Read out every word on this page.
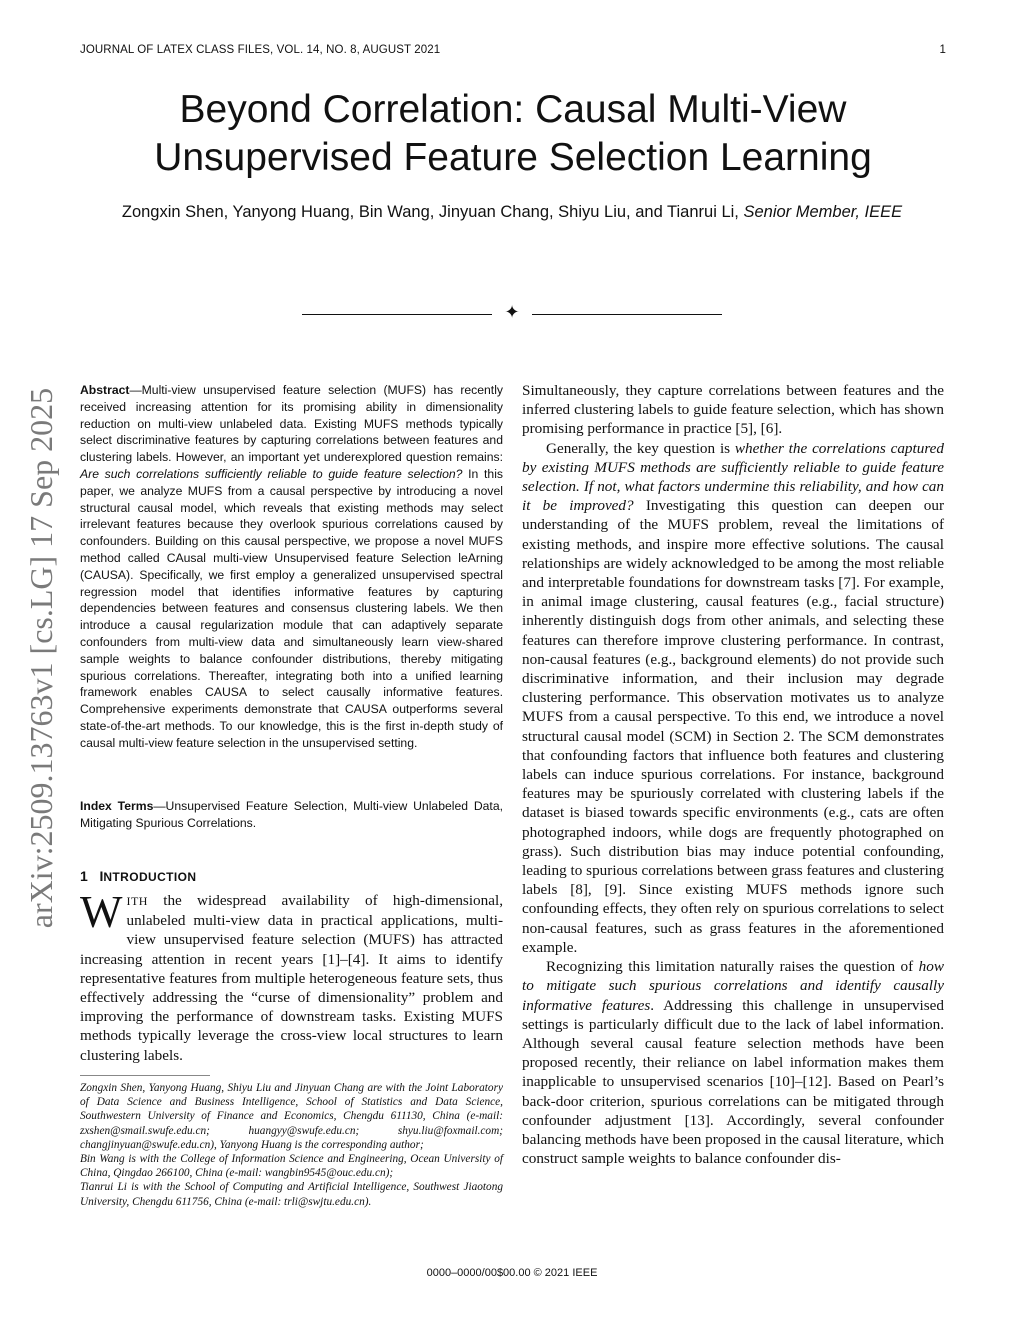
JOURNAL OF LATEX CLASS FILES, VOL. 14, NO. 8, AUGUST 2021	1
Beyond Correlation: Causal Multi-View Unsupervised Feature Selection Learning
Zongxin Shen, Yanyong Huang, Bin Wang, Jinyuan Chang, Shiyu Liu, and Tianrui Li, Senior Member, IEEE
✦
arXiv:2509.13763v1 [cs.LG] 17 Sep 2025	Abstract—Multi-view unsupervised feature selection (MUFS) has recently received increasing attention for its promising ability in dimensionality reduction on multi-view unlabeled data. Existing MUFS methods typically select discriminative features by capturing correlations between features and clustering labels. However, an important yet underexplored question remains: Are such correlations sufficiently reliable to guide feature selection? In this paper, we analyze MUFS from a causal perspective by introducing a novel structural causal model, which reveals that existing methods may select irrelevant features because they overlook spurious correlations caused by confounders. Building on this causal perspective, we propose a novel MUFS method called CAusal multi-view Unsupervised feature Selection leArning (CAUSA). Specifically, we first employ a generalized unsupervised spectral regression model that identifies informative features by capturing dependencies between features and consensus clustering labels. We then introduce a causal regularization module that can adaptively separate confounders from multi-view data and simultaneously learn view-shared sample weights to balance confounder distributions, thereby mitigating spurious correlations. Thereafter, integrating both into a unified learning framework enables CAUSA to select causally informative features. Comprehensive experiments demonstrate that CAUSA outperforms several state-of-the-art methods. To our knowledge, this is the first in-depth study of causal multi-view feature selection in the unsupervised setting.
Index Terms—Unsupervised Feature Selection, Multi-view Unlabeled Data, Mitigating Spurious Correlations.
1 INTRODUCTION
WITH the widespread availability of high-dimensional, unlabeled multi-view data in practical applications, multi-view unsupervised feature selection (MUFS) has attracted increasing attention in recent years [1]–[4]. It aims to identify representative features from multiple heterogeneous feature sets, thus effectively addressing the “curse of dimensionality” problem and improving the performance of downstream tasks. Existing MUFS methods typically leverage the cross-view local structures to learn clustering labels.

Zongxin Shen, Yanyong Huang, Shiyu Liu and Jinyuan Chang are with the Joint Laboratory of Data Science and Business Intelligence, School of Statistics and Data Science, Southwestern University of Finance and Economics, Chengdu 611130, China (e-mail: zxshen@smail.swufe.edu.cn; huangyy@swufe.edu.cn; shyu.liu@foxmail.com; changjinyuan@swufe.edu.cn), Yanyong Huang is the corresponding author;

Bin Wang is with the College of Information Science and Engineering, Ocean University of China, Qingdao 266100, China (e-mail: wangbin9545@ouc.edu.cn);

Tianrui Li is with the School of Computing and Artificial Intelligence, Southwest Jiaotong University, Chengdu 611756, China (e-mail: trli@swjtu.edu.cn).

Simultaneously, they capture correlations between features and the inferred clustering labels to guide feature selection, which has shown promising performance in practice [5], [6].

Generally, the key question is whether the correlations captured by existing MUFS methods are sufficiently reliable to guide feature selection. If not, what factors undermine this reliability, and how can it be improved? Investigating this question can deepen our understanding of the MUFS problem, reveal the limitations of existing methods, and inspire more effective solutions. The causal relationships are widely acknowledged to be among the most reliable and interpretable foundations for downstream tasks [7]. For example, in animal image clustering, causal features (e.g., facial structure) inherently distinguish dogs from other animals, and selecting these features can therefore improve clustering performance. In contrast, non-causal features (e.g., background elements) do not provide such discriminative information, and their inclusion may degrade clustering performance. This observation motivates us to analyze MUFS from a causal perspective. To this end, we introduce a novel structural causal model (SCM) in Section 2. The SCM demonstrates that confounding factors that influence both features and clustering labels can induce spurious correlations. For instance, background features may be spuriously correlated with clustering labels if the dataset is biased towards specific environments (e.g., cats are often photographed indoors, while dogs are frequently photographed on grass). Such distribution bias may induce potential confounding, leading to spurious correlations between grass features and clustering labels [8], [9]. Since existing MUFS methods ignore such confounding effects, they often rely on spurious correlations to select non-causal features, such as grass features in the aforementioned example.

Recognizing this limitation naturally raises the question of how to mitigate such spurious correlations and identify causally informative features. Addressing this challenge in unsupervised settings is particularly difficult due to the lack of label information. Although several causal feature selection methods have been proposed recently, their reliance on label information makes them inapplicable to unsupervised scenarios [10]–[12]. Based on Pearl’s back-door criterion, spurious correlations can be mitigated through confounder adjustment [13]. Accordingly, several confounder balancing methods have been proposed in the causal literature, which construct sample weights to balance confounder dis-

0000–0000/00$00.00 © 2021 IEEE
